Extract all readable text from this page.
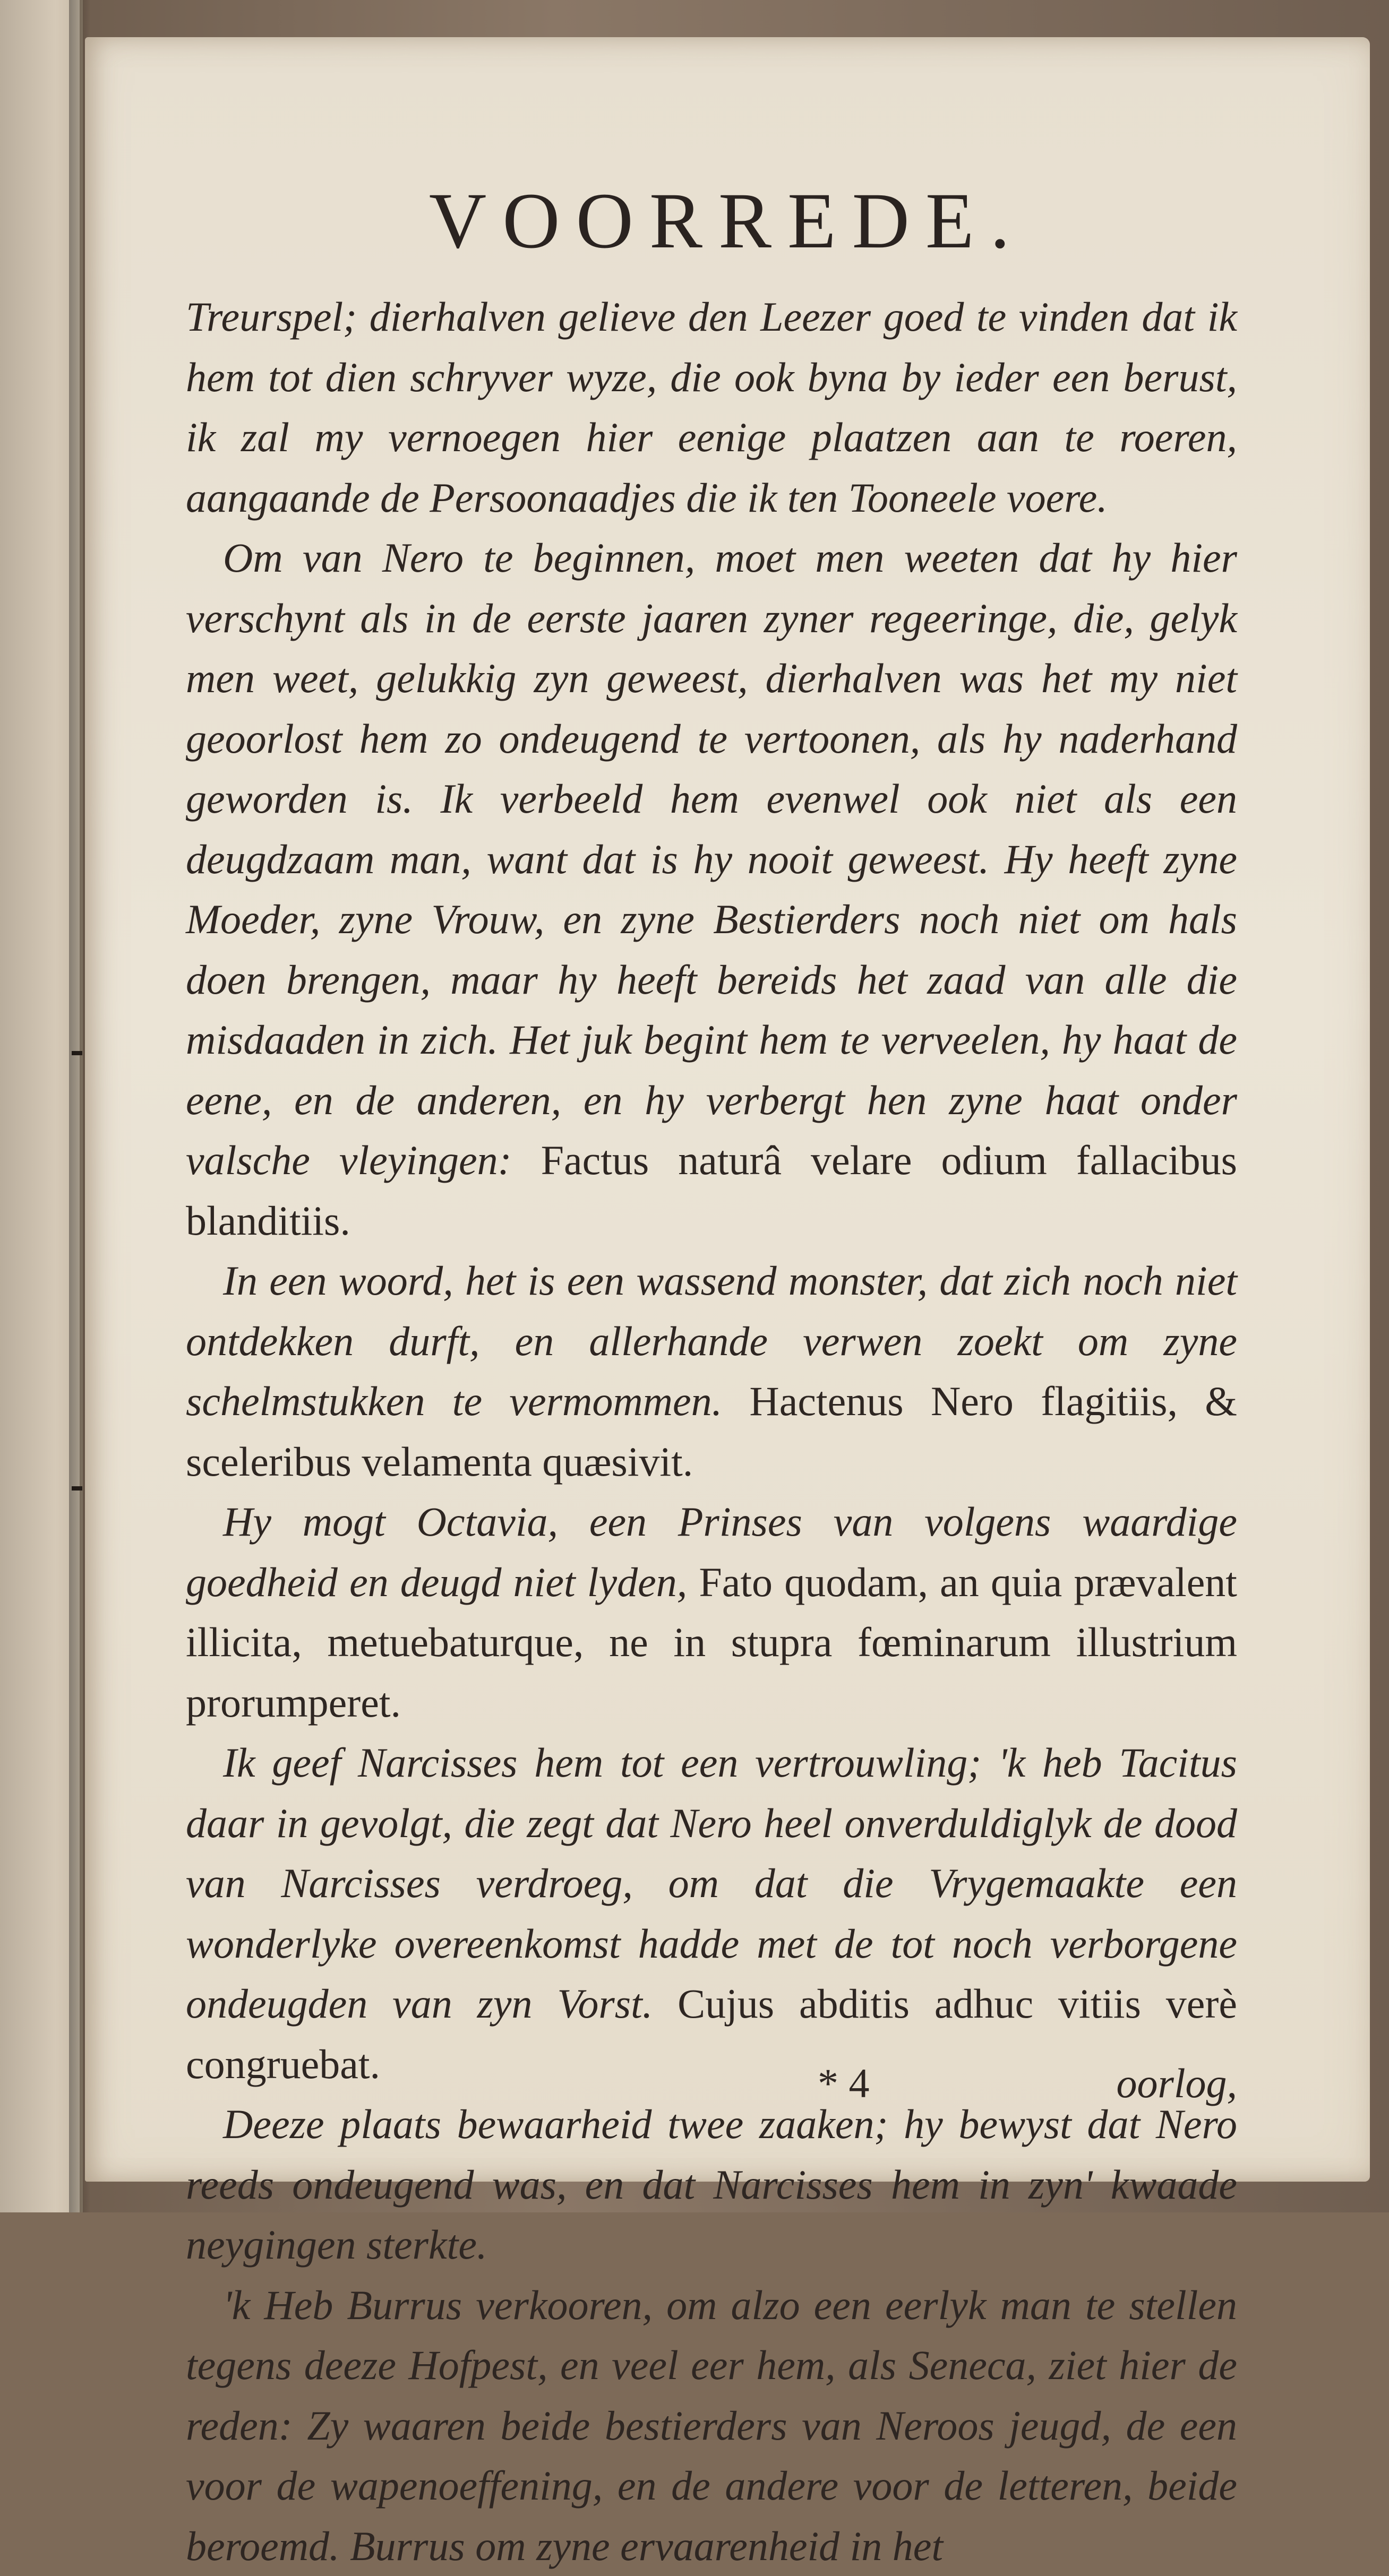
VOORREDE.

Treurspel; dierhalven gelieve den Leezer goed te vinden dat ik hem tot dien schryver wyze, die ook byna by ieder een berust, ik zal my vernoegen hier eenige plaatzen aan te roeren, aangaande de Persoonaadjes die ik ten Tooneele voere.

Om van Nero te beginnen, moet men weeten dat hy hier verschynt als in de eerste jaaren zyner regeeringe, die, gelyk men weet, gelukkig zyn geweest, dierhalven was het my niet geoorlost hem zo ondeugend te vertoonen, als hy naderhand geworden is. Ik verbeeld hem evenwel ook niet als een deugdzaam man, want dat is hy nooit geweest. Hy heeft zyne Moeder, zyne Vrouw, en zyne Bestierders noch niet om hals doen brengen, maar hy heeft bereids het zaad van alle die misdaaden in zich. Het juk begint hem te verveelen, hy haat de eene, en de anderen, en hy verbergt hen zyne haat onder valsche vleyingen: Factus naturâ velare odium fallacibus blanditiis.

In een woord, het is een wassend monster, dat zich noch niet ontdekken durft, en allerhande verwen zoekt om zyne schelmstukken te vermommen. Hactenus Nero flagitiis, & sceleribus velamenta quæsivit.

Hy mogt Octavia, een Prinses van volgens waardige goedheid en deugd niet lyden, Fato quodam, an quia prævalent illicita, metuebaturque, ne in stupra fœminarum illustrium prorumperet.

Ik geef Narcisses hem tot een vertrouwling; 'k heb Tacitus daar in gevolgt, die zegt dat Nero heel onverduldiglyk de dood van Narcisses verdroeg, om dat die Vrygemaakte een wonderlyke overeenkomst hadde met de tot noch verborgene ondeugden van zyn Vorst. Cujus abditis adhuc vitiis verè congruebat.

Deeze plaats bewaarheid twee zaaken; hy bewyst dat Nero reeds ondeugend was, en dat Narcisses hem in zyn' kwaade neygingen sterkte.

'k Heb Burrus verkooren, om alzo een eerlyk man te stellen tegens deeze Hofpest, en veel eer hem, als Seneca, ziet hier de reden: Zy waaren beide bestierders van Neroos jeugd, de een voor de wapenoeffening, en de andere voor de letteren, beide beroemd. Burrus om zyne ervaarenheid in het

* 4	oorlog,
